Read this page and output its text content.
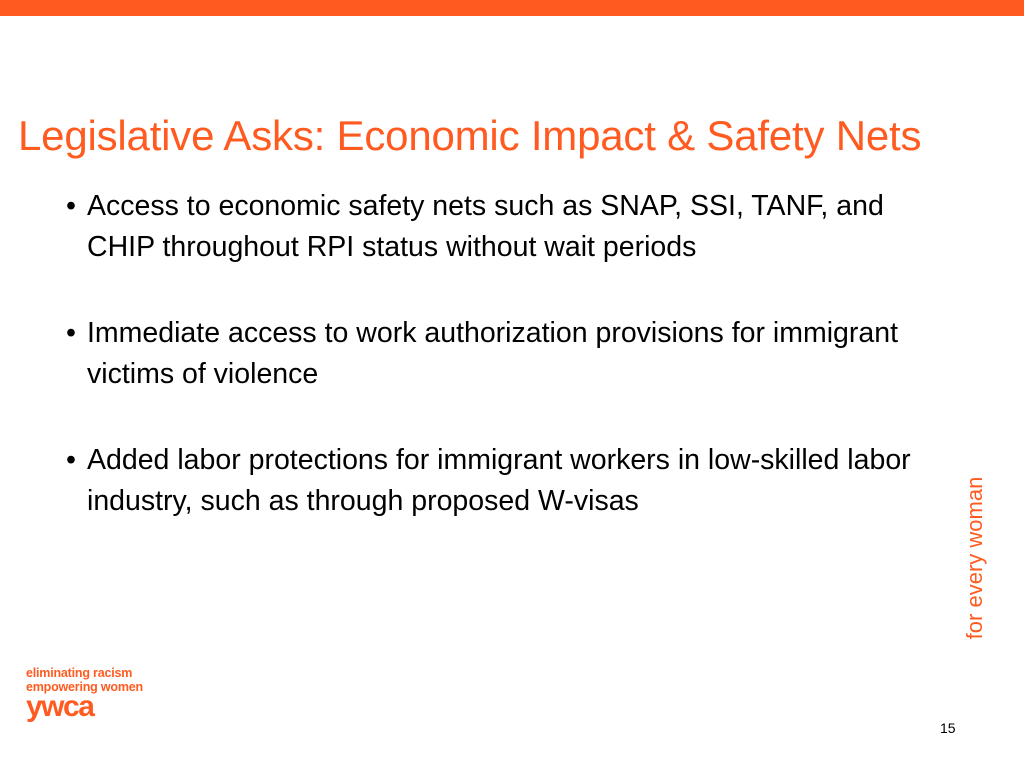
Legislative Asks: Economic Impact & Safety Nets
• Access to economic safety nets such as SNAP, SSI, TANF, and CHIP throughout RPI status without wait periods
• Immediate access to work authorization provisions for immigrant victims of violence
• Added labor protections for immigrant workers in low-skilled labor industry, such as through proposed W-visas	for every woman
eliminating racism
empowering women
ywca
15
